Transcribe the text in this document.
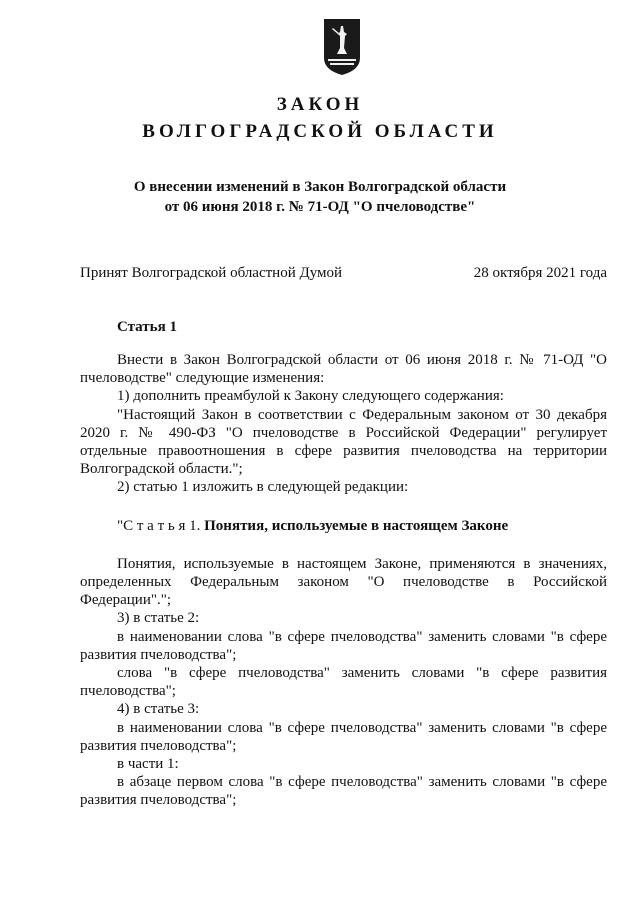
ЗАКОН
ВОЛГОГРАДСКОЙ ОБЛАСТИ
О внесении изменений в Закон Волгоградской области
от 06 июня 2018 г. № 71-ОД "О пчеловодстве"
Принят Волгоградской областной Думой	28 октября 2021 года
Статья 1

Внести в Закон Волгоградской области от 06 июня 2018 г. № 71-ОД "О пчеловодстве" следующие изменения:

1) дополнить преамбулой к Закону следующего содержания:

"Настоящий Закон в соответствии с Федеральным законом от 30 декабря 2020 г. № 490-ФЗ "О пчеловодстве в Российской Федерации" регулирует отдельные правоотношения в сфере развития пчеловодства на территории Волгоградской области.";

2) статью 1 изложить в следующей редакции:

"С т а т ь я 1. Понятия, используемые в настоящем Законе

Понятия, используемые в настоящем Законе, применяются в значениях, определенных Федеральным законом "О пчеловодстве в Российской Федерации".";

3) в статье 2:

в наименовании слова "в сфере пчеловодства" заменить словами "в сфере развития пчеловодства";

слова "в сфере пчеловодства" заменить словами "в сфере развития пчеловодства";

4) в статье 3:

в наименовании слова "в сфере пчеловодства" заменить словами "в сфере развития пчеловодства";

в части 1:

в абзаце первом слова "в сфере пчеловодства" заменить словами "в сфере развития пчеловодства";
